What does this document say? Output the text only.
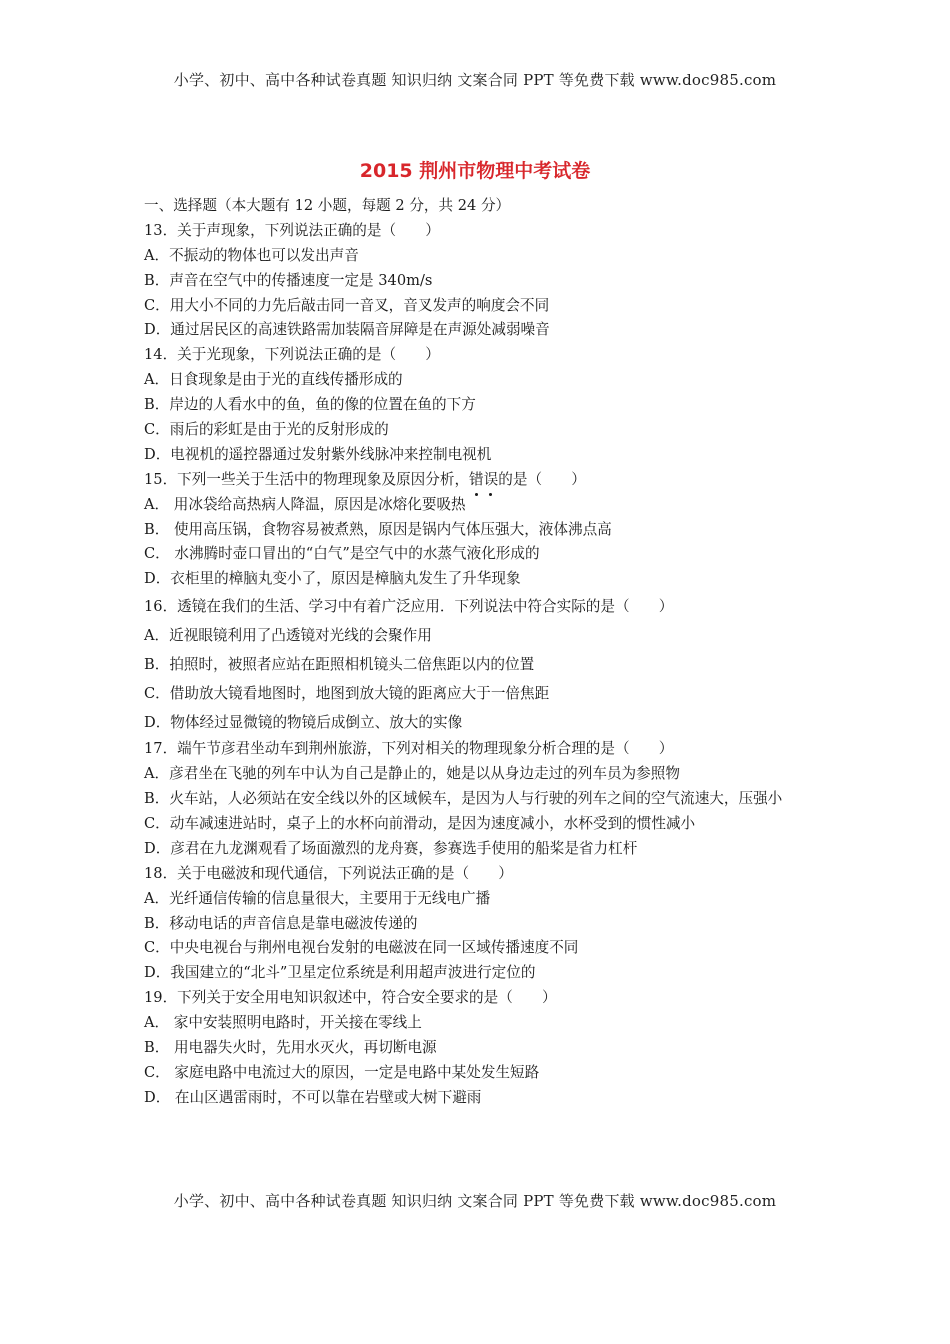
小学、初中、高中各种试卷真题 知识归纳 文案合同 PPT 等免费下载 www.doc985.com
2015 荆州市物理中考试卷
一、选择题（本大题有 12 小题，每题 2 分，共 24 分）
13．关于声现象，下列说法正确的是（　　）
A．不振动的物体也可以发出声音
B．声音在空气中的传播速度一定是 340m/s
C．用大小不同的力先后敲击同一音叉，音叉发声的响度会不同
D．通过居民区的高速铁路需加装隔音屏障是在声源处减弱噪音
14．关于光现象，下列说法正确的是（　　）
A．日食现象是由于光的直线传播形成的
B．岸边的人看水中的鱼，鱼的像的位置在鱼的下方
C．雨后的彩虹是由于光的反射形成的
D．电视机的遥控器通过发射紫外线脉冲来控制电视机
15．下列一些关于生活中的物理现象及原因分析，错误的是（　　）
A． 用冰袋给高热病人降温，原因是冰熔化要吸热
B． 使用高压锅，食物容易被煮熟，原因是锅内气体压强大，液体沸点高
C． 水沸腾时壶口冒出的“白气”是空气中的水蒸气液化形成的
D．衣柜里的樟脑丸变小了，原因是樟脑丸发生了升华现象
16．透镜在我们的生活、学习中有着广泛应用．下列说法中符合实际的是（　　）
A．近视眼镜利用了凸透镜对光线的会聚作用
B．拍照时，被照者应站在距照相机镜头二倍焦距以内的位置
C．借助放大镜看地图时，地图到放大镜的距离应大于一倍焦距
D．物体经过显微镜的物镜后成倒立、放大的实像
17．端午节彦君坐动车到荆州旅游，下列对相关的物理现象分析合理的是（　　）
A．彦君坐在飞驰的列车中认为自己是静止的，她是以从身边走过的列车员为参照物
B．火车站，人必须站在安全线以外的区域候车，是因为人与行驶的列车之间的空气流速大，压强小
C．动车减速进站时，桌子上的水杯向前滑动，是因为速度减小，水杯受到的惯性减小
D．彦君在九龙渊观看了场面激烈的龙舟赛，参赛选手使用的船桨是省力杠杆
18．关于电磁波和现代通信，下列说法正确的是（　　）
A．光纤通信传输的信息量很大，主要用于无线电广播
B．移动电话的声音信息是靠电磁波传递的
C．中央电视台与荆州电视台发射的电磁波在同一区域传播速度不同
D．我国建立的“北斗”卫星定位系统是利用超声波进行定位的
19．下列关于安全用电知识叙述中，符合安全要求的是（　　）
A． 家中安装照明电路时，开关接在零线上
B． 用电器失火时，先用水灭火，再切断电源
C． 家庭电路中电流过大的原因，一定是电路中某处发生短路
D． 在山区遇雷雨时，不可以靠在岩壁或大树下避雨
小学、初中、高中各种试卷真题 知识归纳 文案合同 PPT 等免费下载 www.doc985.com
